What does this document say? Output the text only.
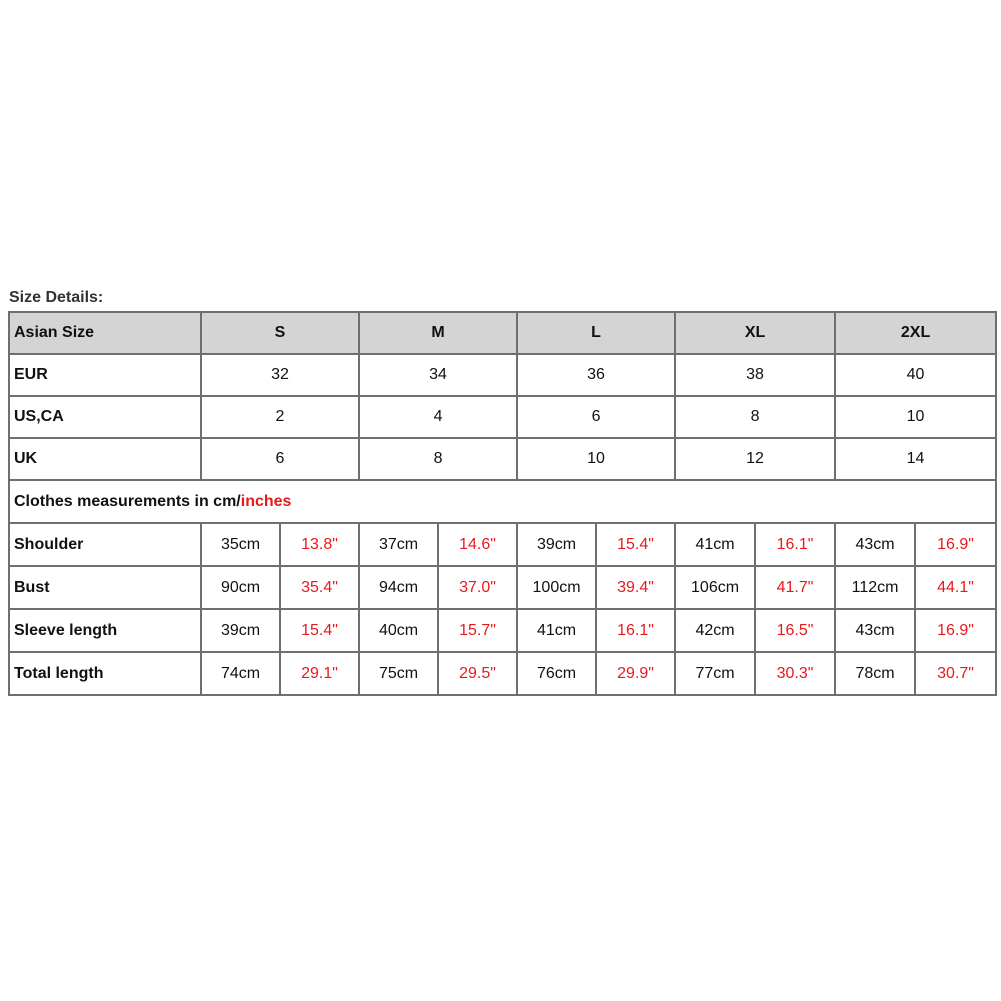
Size Details:
Asian Size	S		M		L		XL		2XL	
EUR	32		34		36		38		40	
US,CA	2		4		6		8		10	
UK	6		8		10		12		14	
Clothes measurements in cm/inches										
Shoulder	35cm	13.8"	37cm	14.6"	39cm	15.4"	41cm	16.1"	43cm	16.9"
Bust	90cm	35.4"	94cm	37.0"	100cm	39.4"	106cm	41.7"	112cm	44.1"
Sleeve length	39cm	15.4"	40cm	15.7"	41cm	16.1"	42cm	16.5"	43cm	16.9"
Total length	74cm	29.1"	75cm	29.5"	76cm	29.9"	77cm	30.3"	78cm	30.7"
